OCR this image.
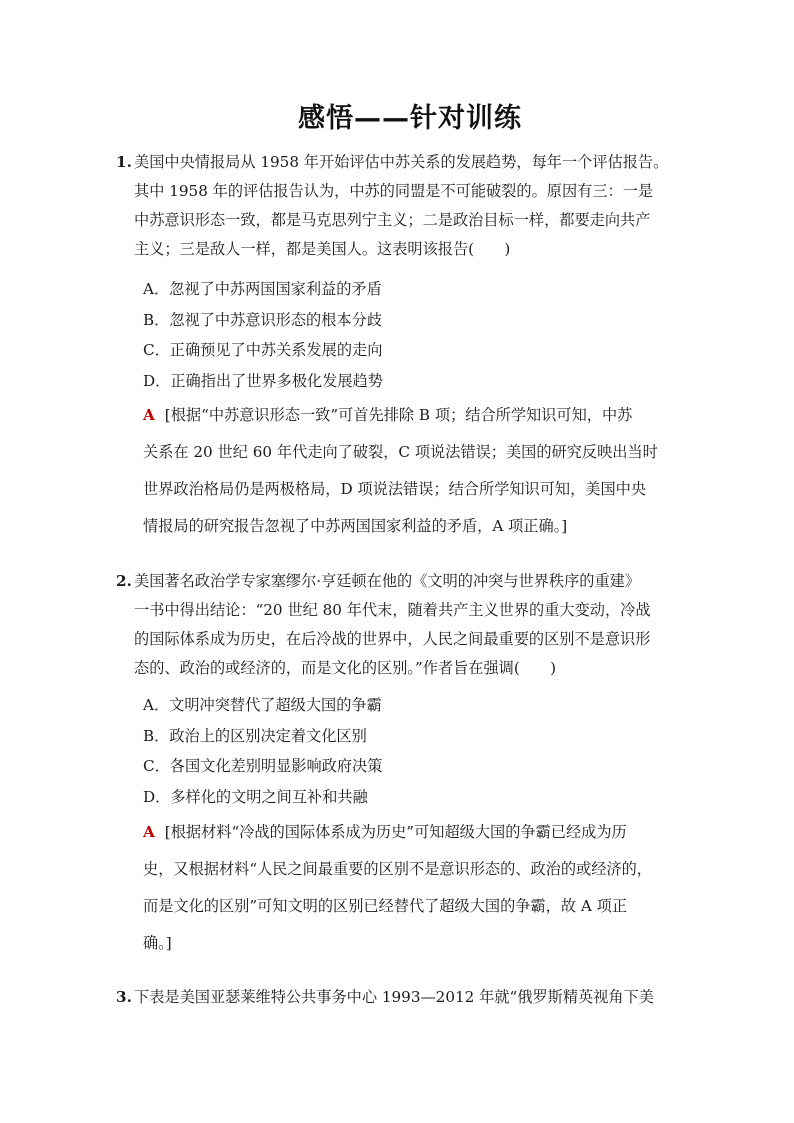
感悟——针对训练
1. 美国中央情报局从 1958 年开始评估中苏关系的发展趋势，每年一个评估报告。
其中 1958 年的评估报告认为，中苏的同盟是不可能破裂的。原因有三：一是
中苏意识形态一致，都是马克思列宁主义；二是政治目标一样，都要走向共产
主义；三是敌人一样，都是美国人。这表明该报告(　　)
A．忽视了中苏两国国家利益的矛盾
B．忽视了中苏意识形态的根本分歧
C．正确预见了中苏关系发展的走向
D．正确指出了世界多极化发展趋势
A [根据“中苏意识形态一致”可首先排除 B 项；结合所学知识可知，中苏
关系在 20 世纪 60 年代走向了破裂，C 项说法错误；美国的研究反映出当时
世界政治格局仍是两极格局，D 项说法错误；结合所学知识可知，美国中央
情报局的研究报告忽视了中苏两国国家利益的矛盾，A 项正确。]
2. 美国著名政治学专家塞缪尔·亨廷顿在他的《文明的冲突与世界秩序的重建》
一书中得出结论：“20 世纪 80 年代末，随着共产主义世界的重大变动，冷战
的国际体系成为历史，在后冷战的世界中，人民之间最重要的区别不是意识形
态的、政治的或经济的，而是文化的区别。”作者旨在强调(　　)
A．文明冲突替代了超级大国的争霸
B．政治上的区别决定着文化区别
C．各国文化差别明显影响政府决策
D．多样化的文明之间互补和共融
A [根据材料“冷战的国际体系成为历史”可知超级大国的争霸已经成为历
史，又根据材料“人民之间最重要的区别不是意识形态的、政治的或经济的，
而是文化的区别”可知文明的区别已经替代了超级大国的争霸，故 A 项正
确。]
3. 下表是美国亚瑟莱维特公共事务中心 1993—2012 年就“俄罗斯精英视角下美
